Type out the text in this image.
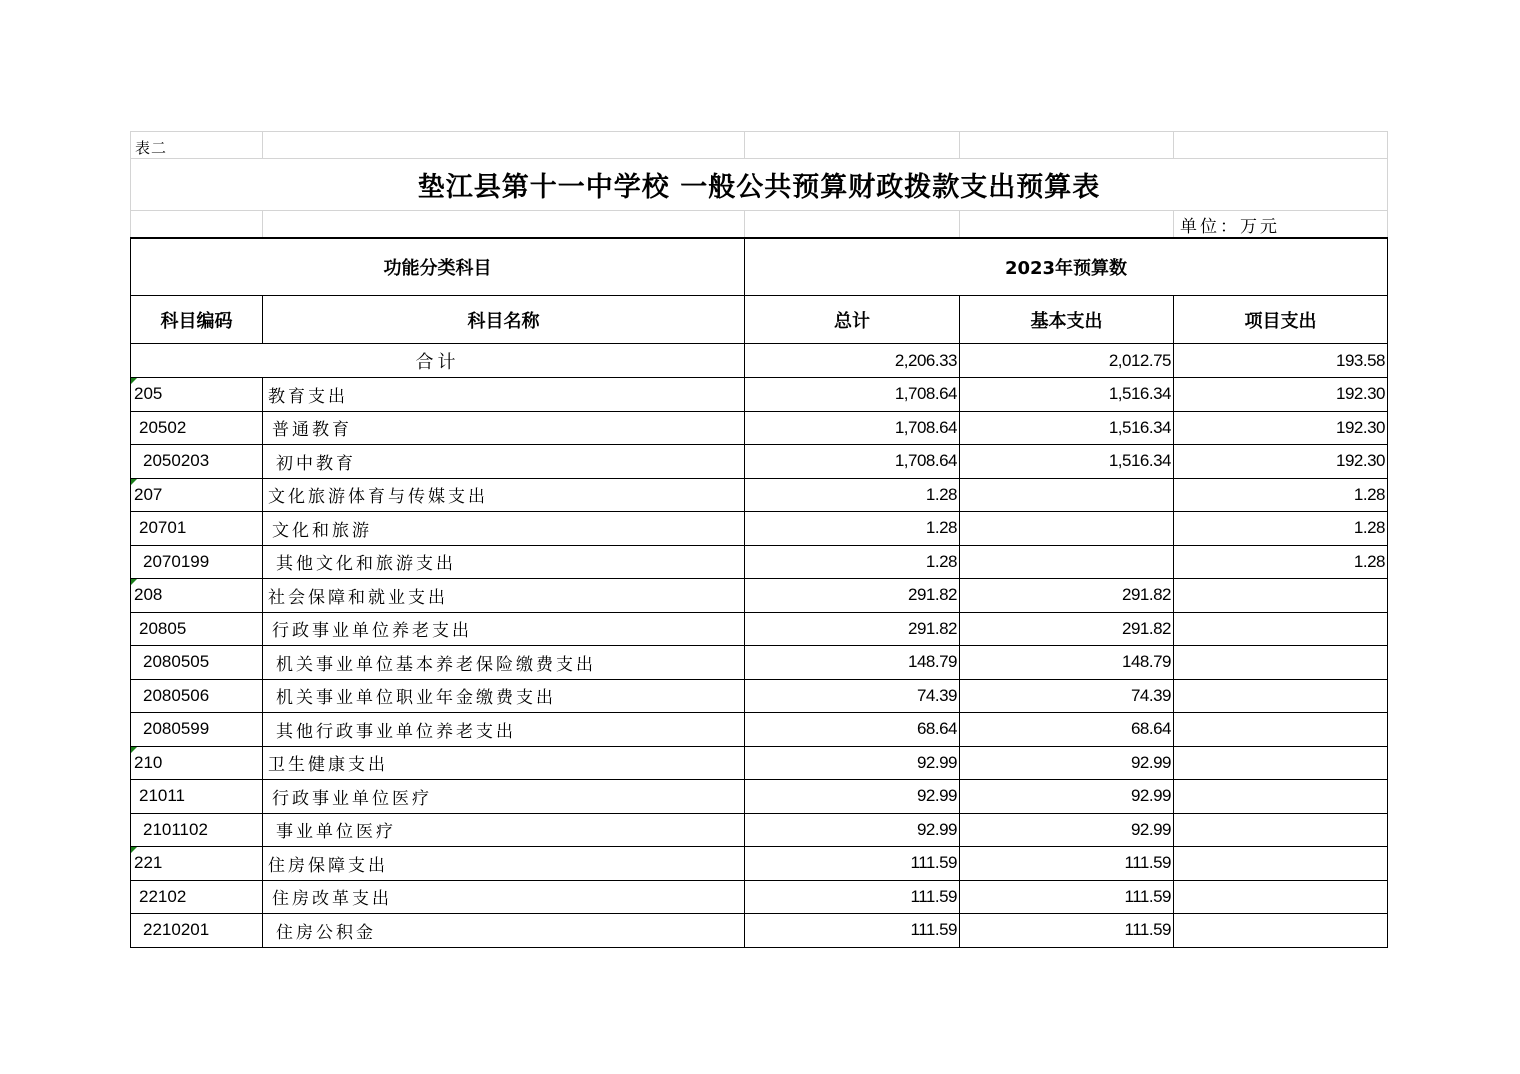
表二				
垫江县第十一中学校 一般公共预算财政拨款支出预算表				
				单位：万元
功能分类科目		2023年预算数		
科目编码	科目名称	总计	基本支出	项目支出
合计		2,206.33	2,012.75	193.58

205	教育支出	1,708.64	1,516.34	192.30
20502	普通教育	1,708.64	1,516.34	192.30
2050203	初中教育	1,708.64	1,516.34	192.30

207	文化旅游体育与传媒支出	1.28		1.28
20701	文化和旅游	1.28		1.28
2070199	其他文化和旅游支出	1.28		1.28

208	社会保障和就业支出	291.82	291.82	
20805	行政事业单位养老支出	291.82	291.82	
2080505	机关事业单位基本养老保险缴费支出	148.79	148.79	
2080506	机关事业单位职业年金缴费支出	74.39	74.39	
2080599	其他行政事业单位养老支出	68.64	68.64	

210	卫生健康支出	92.99	92.99	
21011	行政事业单位医疗	92.99	92.99	
2101102	事业单位医疗	92.99	92.99	

221	住房保障支出	111.59	111.59	
22102	住房改革支出	111.59	111.59	
2210201	住房公积金	111.59	111.59	
